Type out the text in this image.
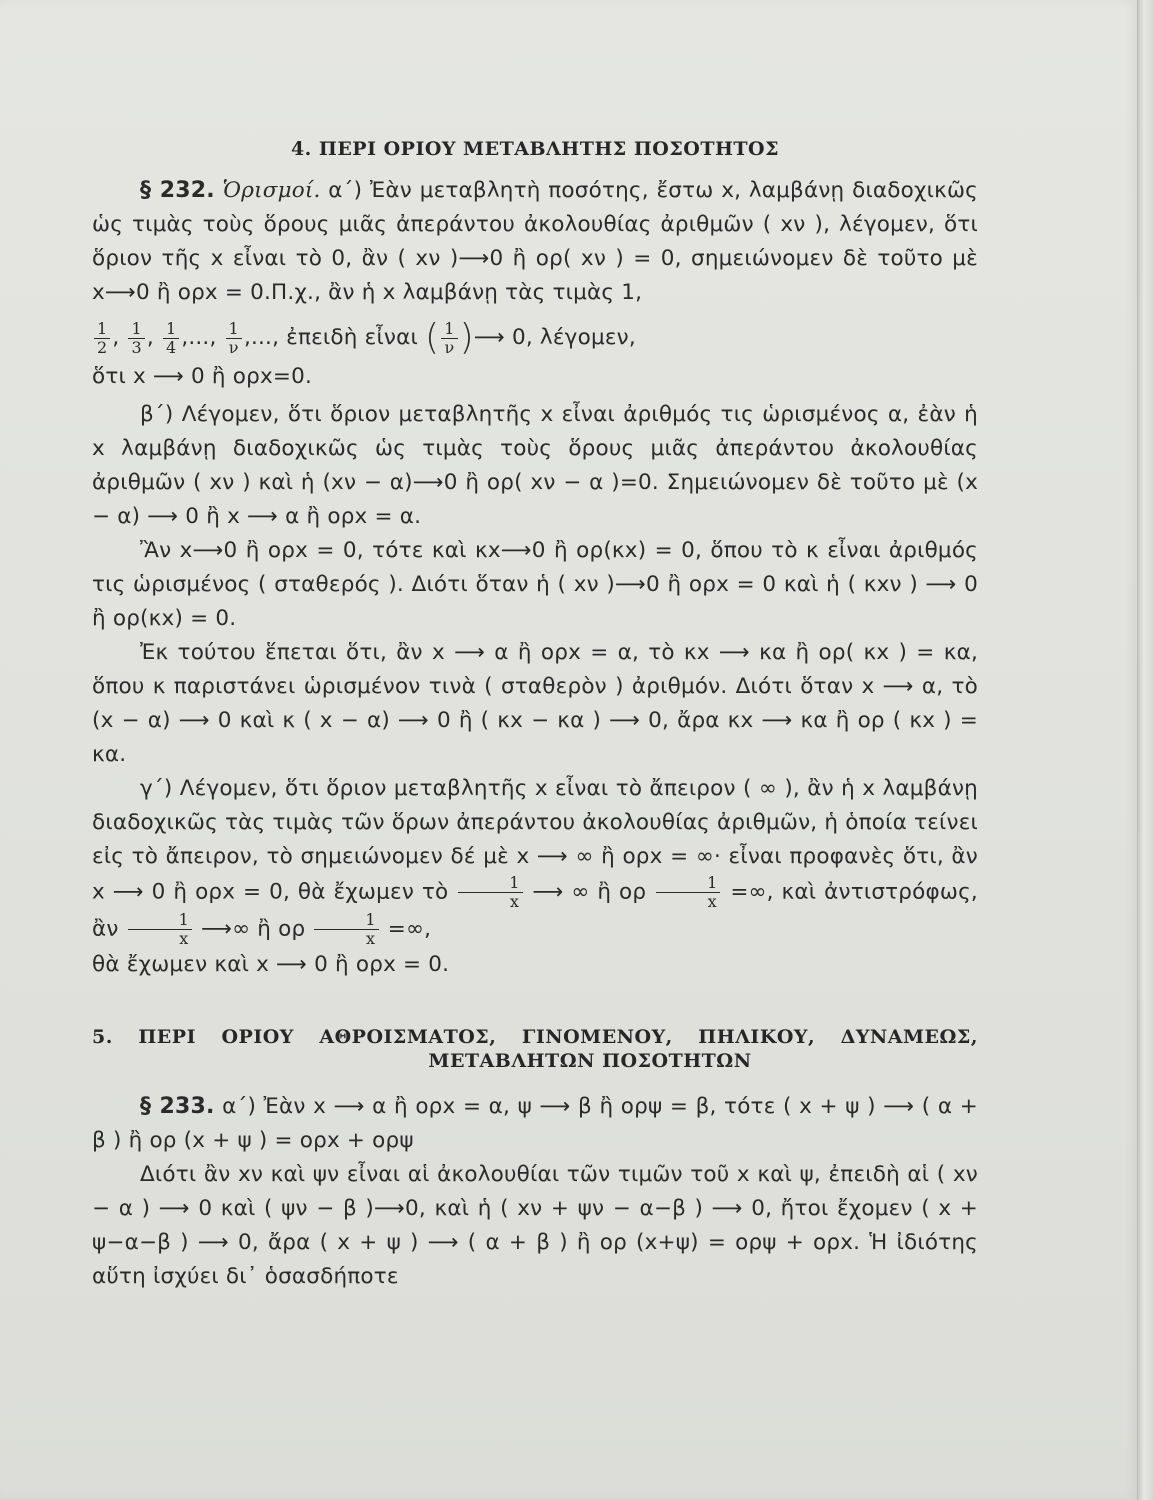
4. ΠΕΡΙ ΟΡΙΟΥ ΜΕΤΑΒΛΗΤΗΣ ΠΟΣΟΤΗΤΟΣ

§ 232. Ὁρισμοί. α΄) Ἐὰν μεταβλητὴ ποσότης, ἔστω x, λαμβάνῃ διαδοχικῶς ὡς τιμὰς τοὺς ὅρους μιᾶς ἀπεράντου ἀκολουθίας ἀριθμῶν ( xν ), λέγομεν, ὅτι ὅριον τῆς x εἶναι τὸ 0, ἂν ( xν )⟶0 ἢ ορ( xν ) = 0, σημειώνομεν δὲ τοῦτο μὲ x⟶0 ἢ ορx = 0.Π.χ., ἂν ἡ x λαμβάνῃ τὰς τιμὰς 1,

$\frac{1}{2}$ , $\frac{1}{3}$ , $\frac{1}{4}$ ,..., $\frac{1}{\nu}$ ,..., ἐπειδὴ εἶναι ( $\frac{1}{\nu}$ )⟶ 0, λέγομεν,

ὅτι x ⟶ 0 ἢ ορx=0.

β΄) Λέγομεν, ὅτι ὅριον μεταβλητῆς x εἶναι ἀριθμός τις ὡρισμένος α, ἐὰν ἡ x λαμβάνῃ διαδοχικῶς ὡς τιμὰς τοὺς ὅρους μιᾶς ἀπεράντου ἀκολουθίας ἀριθμῶν ( xν ) καὶ ἡ (xν − α)⟶0 ἢ ορ( xν − α )=0. Σημειώνομεν δὲ τοῦτο μὲ (x − α) ⟶ 0 ἢ x ⟶ α ἢ ορx = α.

Ἂν x⟶0 ἢ ορx = 0, τότε καὶ κx⟶0 ἢ ορ(κx) = 0, ὅπου τὸ κ εἶναι ἀριθμός τις ὡρισμένος ( σταθερός ). Διότι ὅταν ἡ ( xν )⟶0 ἢ ορx = 0 καὶ ἡ ( κxν ) ⟶ 0 ἢ ορ(κx) = 0.

Ἐκ τούτου ἕπεται ὅτι, ἂν x ⟶ α ἢ ορx = α, τὸ κx ⟶ κα ἢ ορ( κx ) = κα, ὅπου κ παριστάνει ὡρισμένον τινὰ ( σταθερὸν ) ἀριθμόν. Διότι ὅταν x ⟶ α, τὸ (x − α) ⟶ 0 καὶ κ ( x − α) ⟶ 0 ἢ ( κx − κα ) ⟶ 0, ἄρα κx ⟶ κα ἢ ορ ( κx ) = κα.

γ΄) Λέγομεν, ὅτι ὅριον μεταβλητῆς x εἶναι τὸ ἄπειρον ( ∞ ), ἂν ἡ x λαμβάνῃ διαδοχικῶς τὰς τιμὰς τῶν ὅρων ἀπεράντου ἀκολουθίας ἀριθμῶν, ἡ ὁποία τείνει εἰς τὸ ἄπειρον, τὸ σημειώνομεν δέ μὲ x ⟶ ∞ ἢ ορx = ∞· εἶναι προφανὲς ὅτι, ἂν x ⟶ 0 ἢ ορx = 0, θὰ ἔχωμεν τὸ $\frac{1}{x}$ ⟶ ∞ ἢ ορ $\frac{1}{x}$ =∞, καὶ ἀντιστρόφως, ἂν $\frac{1}{x}$ ⟶∞ ἢ ορ $\frac{1}{x}$ =∞,

θὰ ἔχωμεν καὶ x ⟶ 0 ἢ ορx = 0.

5. ΠΕΡΙ ΟΡΙΟΥ ΑΘΡΟΙΣΜΑΤΟΣ, ΓΙΝΟΜΕΝΟΥ, ΠΗΛΙΚΟΥ, ΔΥΝΑΜΕΩΣ,
ΜΕΤΑΒΛΗΤΩΝ ΠΟΣΟΤΗΤΩΝ

§ 233. α΄) Ἐὰν x ⟶ α ἢ ορx = α, ψ ⟶ β ἢ ορψ = β, τότε ( x + ψ ) ⟶ ( α + β ) ἢ ορ (x + ψ ) = ορx + ορψ

Διότι ἂν xν καὶ ψν εἶναι αἱ ἀκολουθίαι τῶν τιμῶν τοῦ x καὶ ψ, ἐπειδὴ αἱ ( xν − α ) ⟶ 0 καὶ ( ψν − β )⟶0, καὶ ἡ ( xν + ψν − α−β ) ⟶ 0, ἤτοι ἔχομεν ( x + ψ−α−β ) ⟶ 0, ἄρα ( x + ψ ) ⟶ ( α + β ) ἢ ορ (x+ψ) = ορψ + ορx. Ἡ ἰδιότης αὕτη ἰσχύει δι᾽ ὁσασδήποτε
